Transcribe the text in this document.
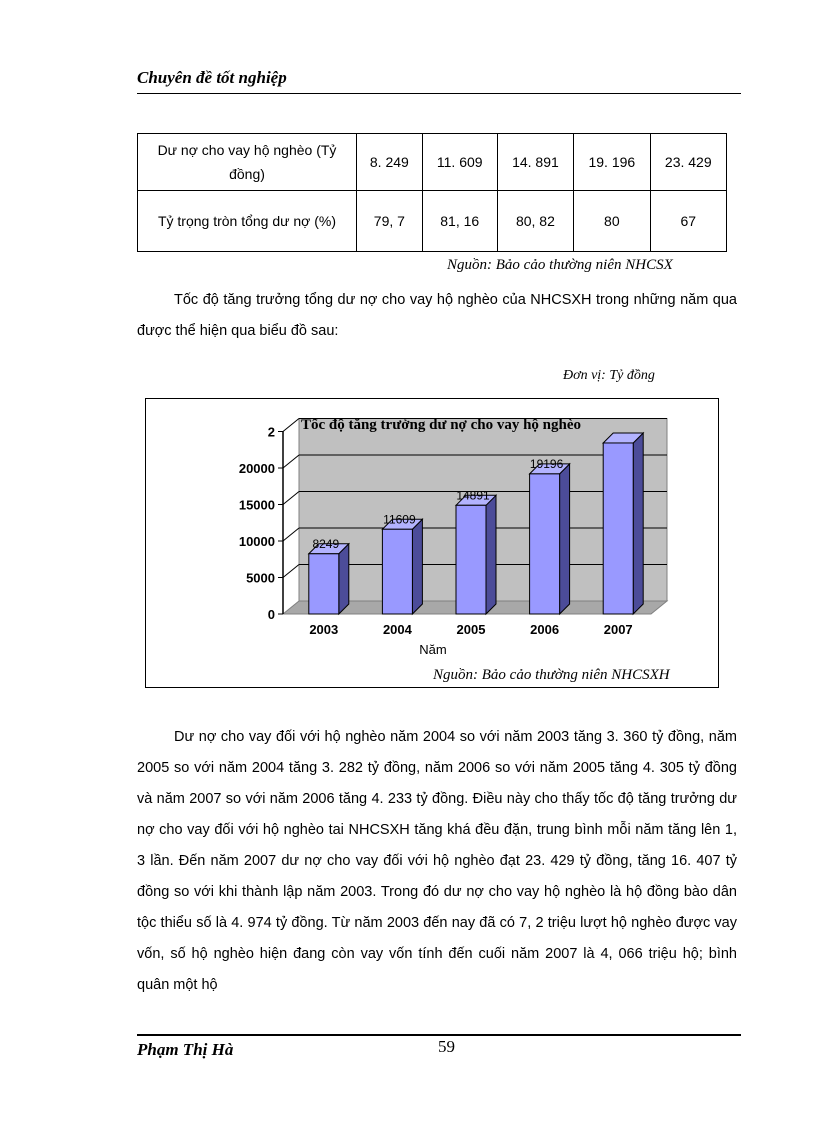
Chuyên đề tốt nghiệp
Dư nợ cho vay hộ nghèo (Tỷ đồng)	8. 249	11. 609	14. 891	19. 196	23. 429
Tỷ trọng tròn tổng dư nợ (%)	79, 7	81, 16	80, 82	80	67
Nguồn: Bảo cảo thường niên NHCSX
Tốc độ tăng trưởng tổng dư nợ cho vay hộ nghèo của NHCSXH trong những năm qua được thể hiện qua biểu đồ sau:
Đơn vị: Tỷ đồng
0
5000
10000
15000
20000
2
8249
2003
11609
2004
14891
2005
19196
2006	2007
Tốc độ tăng trưởng dư nợ cho vay hộ nghèo
Năm
Nguồn: Bảo cảo thường niên NHCSXH
Dư nợ cho vay đối với hộ nghèo năm 2004 so với năm 2003 tăng 3. 360 tỷ đồng, năm 2005 so với năm 2004 tăng 3. 282 tỷ đồng, năm 2006 so với năm 2005 tăng 4. 305 tỷ đồng và năm 2007 so với năm 2006 tăng 4. 233 tỷ đồng. Điều này cho thấy tốc độ tăng trưởng dư nợ cho vay đối với hộ nghèo tai NHCSXH tăng khá đều đặn, trung bình mỗi năm tăng lên 1, 3 lần. Đến năm 2007 dư nợ cho vay đối với hộ nghèo đạt 23. 429 tỷ đồng, tăng 16. 407 tỷ đồng so với khi thành lập năm 2003. Trong đó dư nợ cho vay hộ nghèo là hộ đồng bào dân tộc thiểu số là 4. 974 tỷ đồng. Từ năm 2003 đến nay đã có 7, 2 triệu lượt hộ nghèo được vay vốn, số hộ nghèo hiện đang còn vay vốn tính đến cuối năm 2007 là 4, 066 triệu hộ; bình quân một hộ
Phạm Thị Hà	59
